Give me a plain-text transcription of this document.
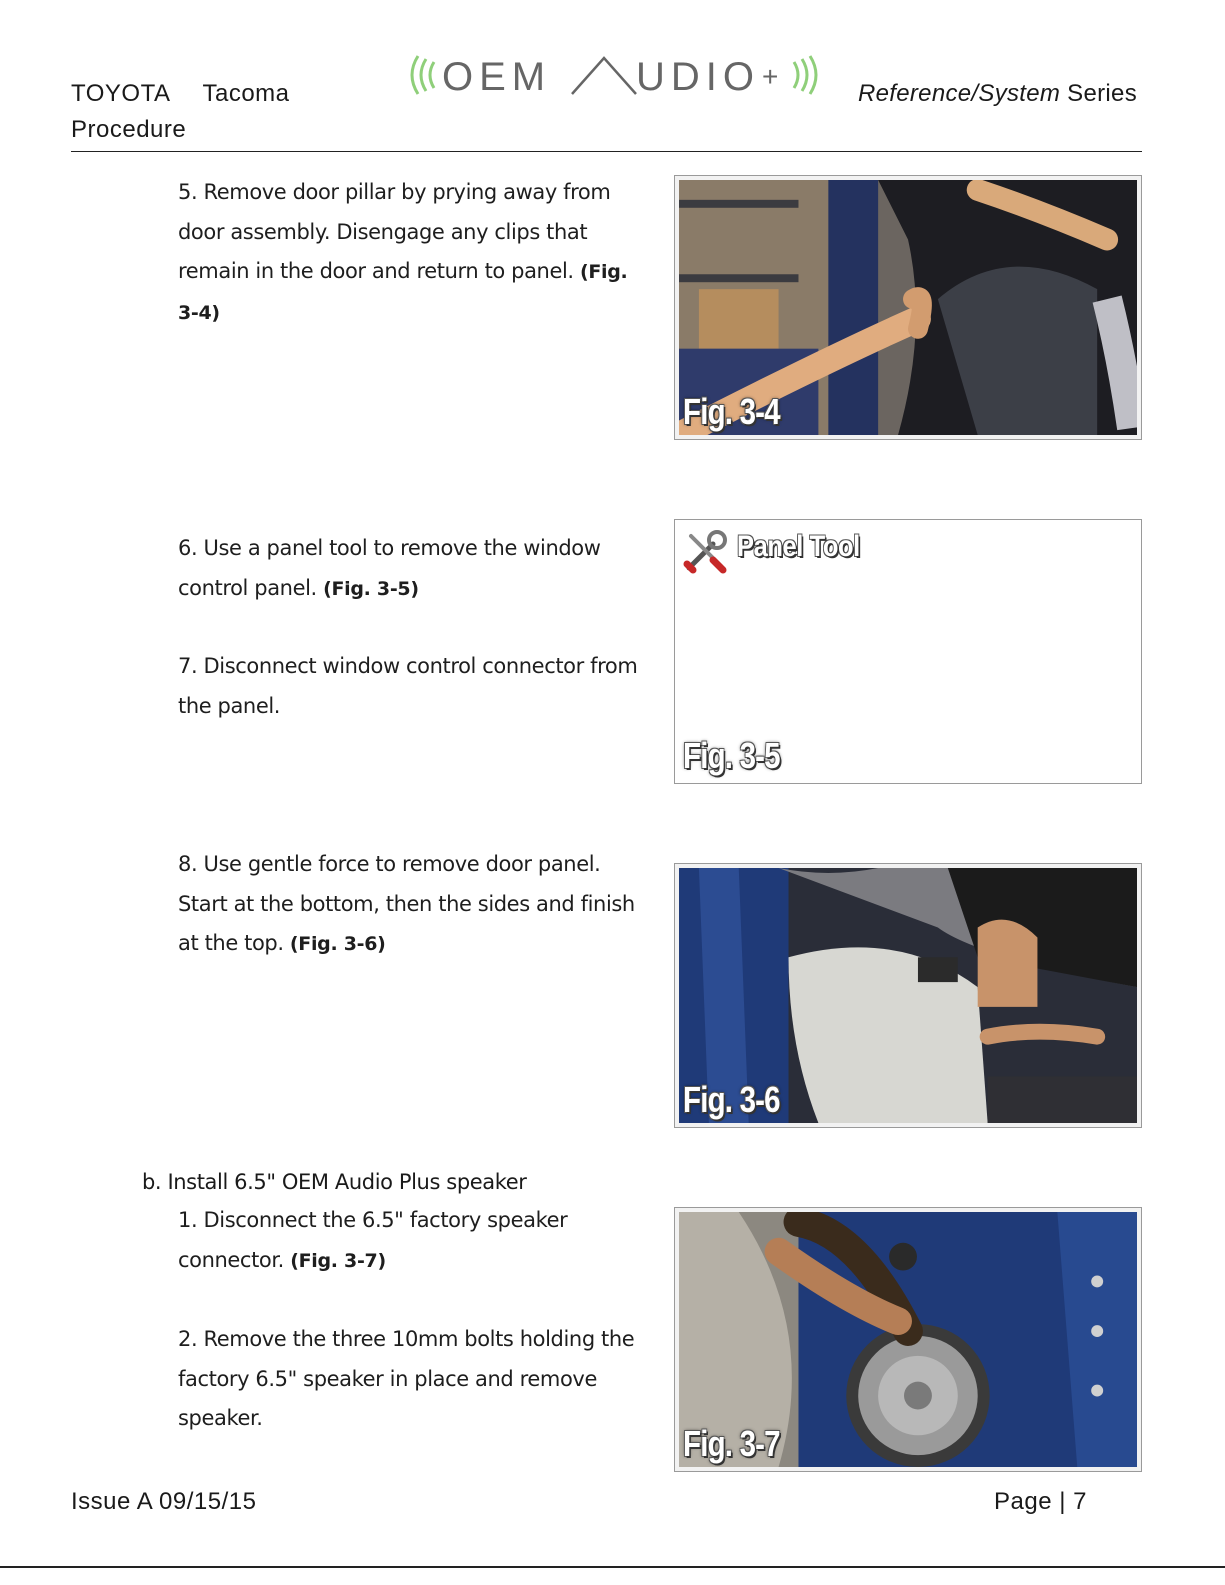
TOYOTA Tacoma
Procedure
OEM UDIO +
Reference/System Series
5. Remove door pillar by prying away from door assembly. Disengage any clips that remain in the door and return to panel. (Fig. 3-4)
Fig. 3-4
6. Use a panel tool to remove the window control panel. (Fig. 3-5)
7. Disconnect window control connector from the panel.
Panel Tool
Fig. 3-5
8. Use gentle force to remove door panel. Start at the bottom, then the sides and finish at the top. (Fig. 3-6)
Fig. 3-6
b. Install 6.5" OEM Audio Plus speaker
1. Disconnect the 6.5" factory speaker connector. (Fig. 3-7)
2. Remove the three 10mm bolts holding the factory 6.5" speaker in place and remove speaker.
Fig. 3-7
Issue A 09/15/15	Page | 7
